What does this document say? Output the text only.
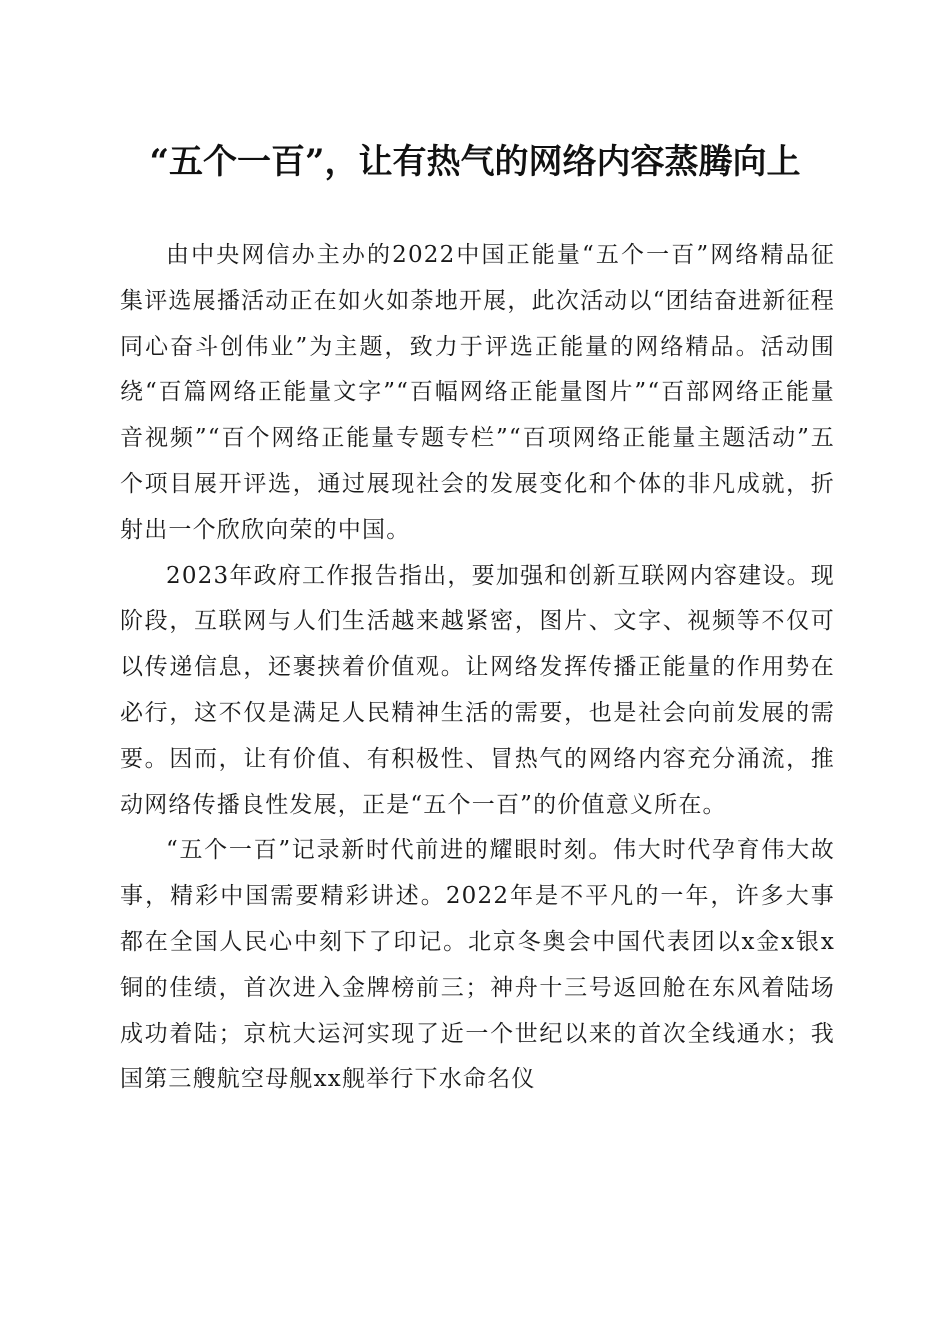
“五个一百”，让有热气的网络内容蒸腾向上

由中央网信办主办的2022中国正能量“五个一百”网络精品征集评选展播活动正在如火如荼地开展，此次活动以“团结奋进新征程同心奋斗创伟业”为主题，致力于评选正能量的网络精品。活动围绕“百篇网络正能量文字”“百幅网络正能量图片”“百部网络正能量音视频”“百个网络正能量专题专栏”“百项网络正能量主题活动”五个项目展开评选，通过展现社会的发展变化和个体的非凡成就，折射出一个欣欣向荣的中国。

2023年政府工作报告指出，要加强和创新互联网内容建设。现阶段，互联网与人们生活越来越紧密，图片、文字、视频等不仅可以传递信息，还裹挟着价值观。让网络发挥传播正能量的作用势在必行，这不仅是满足人民精神生活的需要，也是社会向前发展的需要。因而，让有价值、有积极性、冒热气的网络内容充分涌流，推动网络传播良性发展，正是“五个一百”的价值意义所在。

“五个一百”记录新时代前进的耀眼时刻。伟大时代孕育伟大故事，精彩中国需要精彩讲述。2022年是不平凡的一年，许多大事都在全国人民心中刻下了印记。北京冬奥会中国代表团以x金x银x铜的佳绩，首次进入金牌榜前三；神舟十三号返回舱在东风着陆场成功着陆；京杭大运河实现了近一个世纪以来的首次全线通水；我国第三艘航空母舰xx舰举行下水命名仪
